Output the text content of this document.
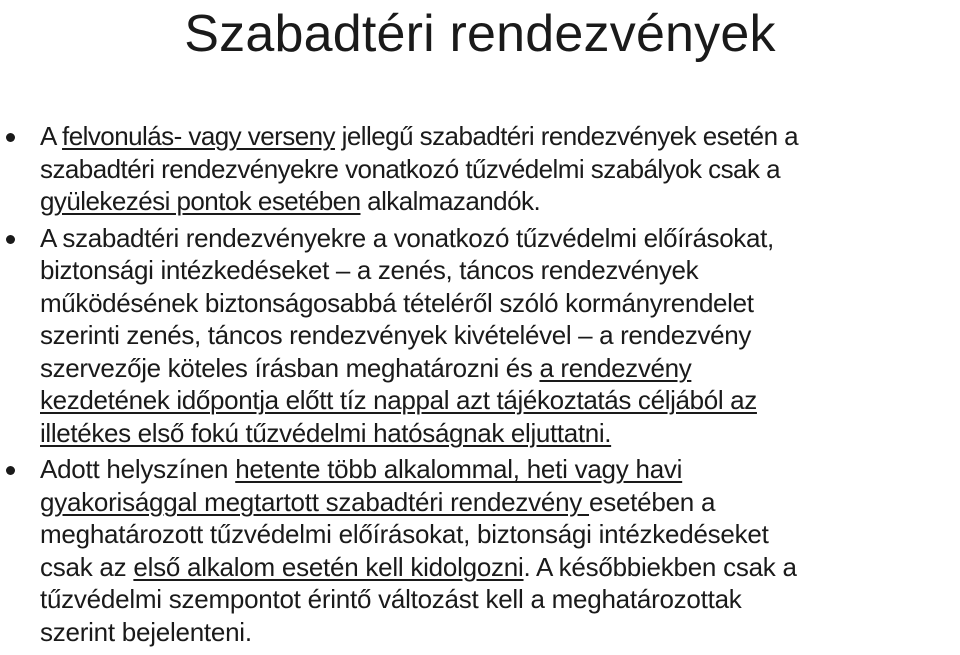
Szabadtéri rendezvények
A felvonulás- vagy verseny jellegű szabadtéri rendezvények esetén a
szabadtéri rendezvényekre vonatkozó tűzvédelmi szabályok csak a
gyülekezési pontok esetében alkalmazandók.
A szabadtéri rendezvényekre a vonatkozó tűzvédelmi előírásokat,
biztonsági intézkedéseket – a zenés, táncos rendezvények
működésének biztonságosabbá tételéről szóló kormányrendelet
szerinti zenés, táncos rendezvények kivételével – a rendezvény
szervezője köteles írásban meghatározni és a rendezvény
kezdetének időpontja előtt tíz nappal azt tájékoztatás céljából az
illetékes első fokú tűzvédelmi hatóságnak eljuttatni.
Adott helyszínen hetente több alkalommal, heti vagy havi
gyakorisággal megtartott szabadtéri rendezvény esetében a
meghatározott tűzvédelmi előírásokat, biztonsági intézkedéseket
csak az első alkalom esetén kell kidolgozni. A későbbiekben csak a
tűzvédelmi szempontot érintő változást kell a meghatározottak
szerint bejelenteni.
